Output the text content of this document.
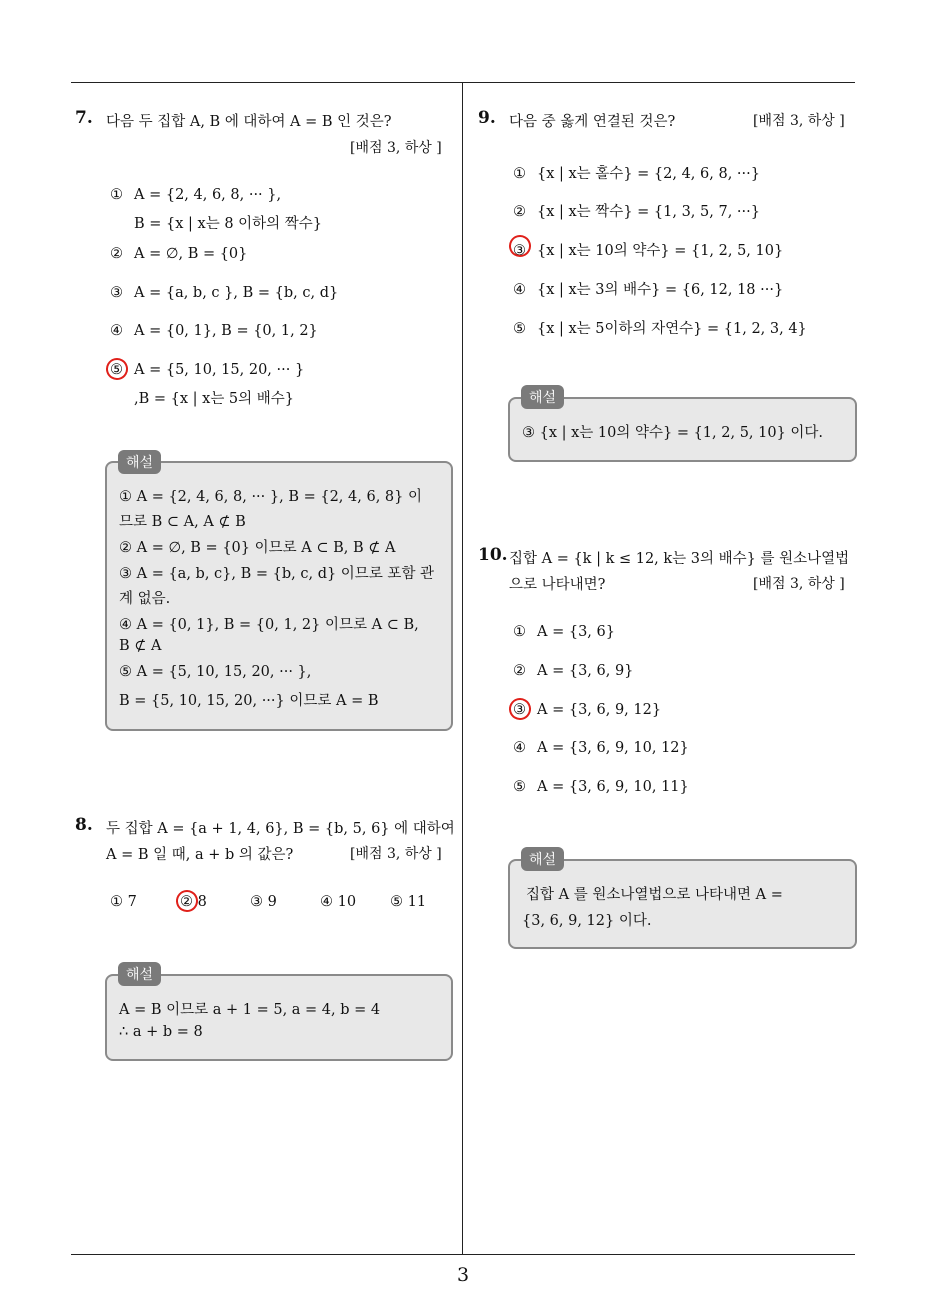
7. 다음 두 집합 A, B 에 대하여 A = B 인 것은?
[배점 3, 하상 ]
① A = {2, 4, 6, 8, ··· },
B = {x | x는 8 이하의 짝수}
② A = ∅, B = {0}
③ A = {a, b, c }, B = {b, c, d}
④ A = {0, 1}, B = {0, 1, 2}
⑤ A = {5, 10, 15, 20, ··· }
,B = {x | x는 5의 배수}
① A = {2, 4, 6, 8, ··· }, B = {2, 4, 6, 8} 이
므로 B ⊂ A, A ⊄ B
② A = ∅, B = {0} 이므로 A ⊂ B, B ⊄ A
③ A = {a, b, c}, B = {b, c, d} 이므로 포함 관
계 없음.
④ A = {0, 1}, B = {0, 1, 2} 이므로 A ⊂ B,
B ⊄ A
⑤ A = {5, 10, 15, 20, ··· },
B = {5, 10, 15, 20, ···} 이므로 A = B
해설
8. 두 집합 A = {a + 1, 4, 6}, B = {b, 5, 6} 에 대하여
A = B 일 때, a + b 의 값은?	[배점 3, 하상 ]
① 7	② 8	③ 9	④ 10 ⑤ 11
A = B 이므로 a + 1 = 5, a = 4, b = 4
∴ a + b = 8
해설
9. 다음 중 옳게 연결된 것은?	[배점 3, 하상 ]
① {x | x는 홀수} = {2, 4, 6, 8, ···}
② {x | x는 짝수} = {1, 3, 5, 7, ···}
③ {x | x는 10의 약수} = {1, 2, 5, 10}
④ {x | x는 3의 배수} = {6, 12, 18 ···}
⑤ {x | x는 5이하의 자연수} = {1, 2, 3, 4}
③ {x | x는 10의 약수} = {1, 2, 5, 10} 이다.
해설
10. 집합 A = {k | k ≤ 12, k는 3의 배수} 를 원소나열법
으로 나타내면?	[배점 3, 하상 ]
① A = {3, 6}
② A = {3, 6, 9}
③ A = {3, 6, 9, 12}
④ A = {3, 6, 9, 10, 12}
⑤ A = {3, 6, 9, 10, 11}
집합 A 를 원소나열법으로 나타내면 A =
{3, 6, 9, 12} 이다.
해설
3
